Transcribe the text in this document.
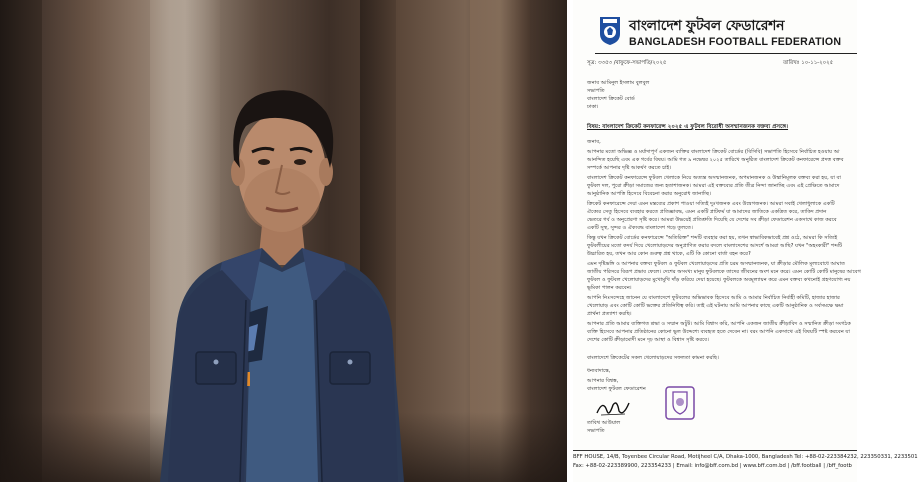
বাংলাদেশ ফুটবল ফেডারেশন
BANGLADESH FOOTBALL FEDERATION
সূত্র: ৩৩৫৩ /বাফুফে-সভাপতি/২০২৫	তারিখঃ ১০-১১-২০২৫
জনাব আমিনুল ইসলাম বুলবুল
সভাপতি
বাংলাদেশ ক্রিকেট বোর্ড
ঢাকা।
বিষয়: বাংলাদেশ ক্রিকেট কনফারেন্স ২০২৫ এ ফুটবল বিরোধী অসম্মানজনক বক্তব্য প্রসঙ্গে।
জনাব,
আপনার মতো অভিজ্ঞ ও মর্যাদাপূর্ণ একজন ব্যক্তির বাংলাদেশ ক্রিকেট বোর্ডের (বিসিবি) সভাপতি হিসেবে নির্বাচিত হওয়ায় আ
আনন্দিত হয়েছি এবং এক গর্বের বিষয়। আমি গত ৯ নভেম্বর ২০২৫ তারিখে অনুষ্ঠিত বাংলাদেশ ক্রিকেট কনফারেন্সে প্রদত্ত বক্তব
সম্পর্কে আপনার দৃষ্টি আকর্ষণ করতে চাই।
বাংলাদেশ ক্রিকেট কনফারেন্সে ফুটবল খেলাকে নিয়ে অত্যন্ত অসম্মানজনক, অপমানজনক ও উস্কানিমূলক বক্তব্য করা হয়, যা বা
ফুটবল দল, পুরো ক্রীড়া সমাজের জন্য হতাশাজনক। আমরা এই বক্তব্যের প্রতি তীব্র নিন্দা জানাচ্ছি এবং এই প্রেক্ষিতে আমাদে
আনুষ্ঠানিক আপত্তি হিসেবে বিবেচনা করার অনুরোধ জানাচ্ছি।
ক্রিকেট কনফারেন্সে দেয়া এমন মন্তব্যের প্রকাশ পাওয়া সত্যিই দুঃখজনক এবং উদ্বেগজনক। আমরা সবাই খেলাধুলাকে একটি
ঐক্যের সেতু হিসেবে ব্যবহার করতে প্রতিজ্ঞাবদ্ধ, এমন একটি প্লাটফর্ম যা আমাদের জাতিকে একত্রিত করে, তাকিদ প্রদান
ভেতরে গর্ব ও অনুপ্রেরণা সৃষ্টি করে। আমরা উভয়েই প্রতিশ্রুতি দিয়েছি যে দেশের সব ক্রীড়া ফেডারেশন একসাথে কাজ করবে
একটি সুস্থ, সুন্দর ও ঐক্যবদ্ধ বাংলাদেশ গড়ে তুলতে।
কিন্তু যখন ক্রিকেট বোর্ডের কনফারেন্সে "অতিরিক্ত" শব্দটি ব্যবহার করা হয়, তখন স্বাভাবিকভাবেই প্রশ্ন ওঠে, আমরা কি সত্যিই
ফুটবলীয়ের মতো কদর্য দিয়ে খেলোয়াড়দের অনুপ্রাণিত করার বদলে বাংলাদেশের আদর্শে আমরা আছি? যখন "অহংকারী" শব্দটি
উচ্চারিত হয়, তখন আর কোন গুরুত্ব প্রশ্ন থাকে, এটি কি কোনো বার্তা বহন করে?
এমন দৃষ্টিভঙ্গি ও আপনার বক্তব্য ফুটবল ও ফুটবল খেলোয়াড়দের প্রতি চরম অসম্মানজনক, যা ক্রীড়ার মৌলিক মূল্যবোধে আঘাত
জাতীয় পরিসরে বিরূপ প্রভাব ফেলে। দেশের অসংখ্য মানুষ ফুটবলকে তাদের জীবনের অংশ মনে করে। এমন কোটি কোটি মানুষের আবেগ
ফুটবল ও ফুটবল খেলোয়াড়দের মুখোমুখি দাঁড় করিয়ে দেয়া হয়েছে। ফুটবলকে অবমূল্যায়ন করে এমন বক্তব্য কখনোই গ্রহণযোগ্য নয়
ভূমিকা পালন করবেন।
আপনি নিঃসন্দেহে জানেন যে বাংলাদেশে ফুটবলের অভিভাবক হিসেবে আমি ও আমার নির্বাচিত নির্বাহী কমিটি, হাজার হাজার
খেলোয়াড় এবং কোটি কোটি ভক্তের প্রতিনিধিত্ব করি। তাই এই ঘটনায় আমি আপনার কাছে একটি আনুষ্ঠানিক ও সর্বসমক্ষে ক্ষমা
প্রার্থনা প্রত্যাশা করছি।
আপনার প্রতি আমার ব্যক্তিগত শ্রদ্ধা ও সম্মান অটুট। আমি বিশ্বাস করি, আপনি একজন জাতীয় ক্রীড়াবিদ ও সম্মানিত ক্রীড়া সংগঠক
ব্যক্তি হিসেবে আপনার প্রতিষ্ঠানের কোনো ভুল উদ্দেশ্যে ব্যবহৃত হতে দেবেন না। বরং আপনি একসাথে এই বিষয়টি স্পষ্ট করবেন যা
দেশের কোটি ক্রীড়ামোদী মনে দৃঢ় আস্থা ও বিশ্বাস সৃষ্টি করবে।
বাংলাদেশে ক্রিকেটের সকল খেলোয়াড়দের সফলতা কামনা করছি।
ধন্যবাদান্তে,
আপনার বিশ্বস্ত,
বাংলাদেশ ফুটবল ফেডারেশন
তাবিথ আউয়াল
সভাপতি
BFF HOUSE, 14/B, Toyenbee Circular Road, Motijheel C/A, Dhaka-1000, Bangladesh Tel: +88-02-223384232, 223350331, 2233501
Fax: +88-02-223389900, 223354233 | Email: info@bff.com.bd | www.bff.com.bd | /bff.football | /bff_footb
